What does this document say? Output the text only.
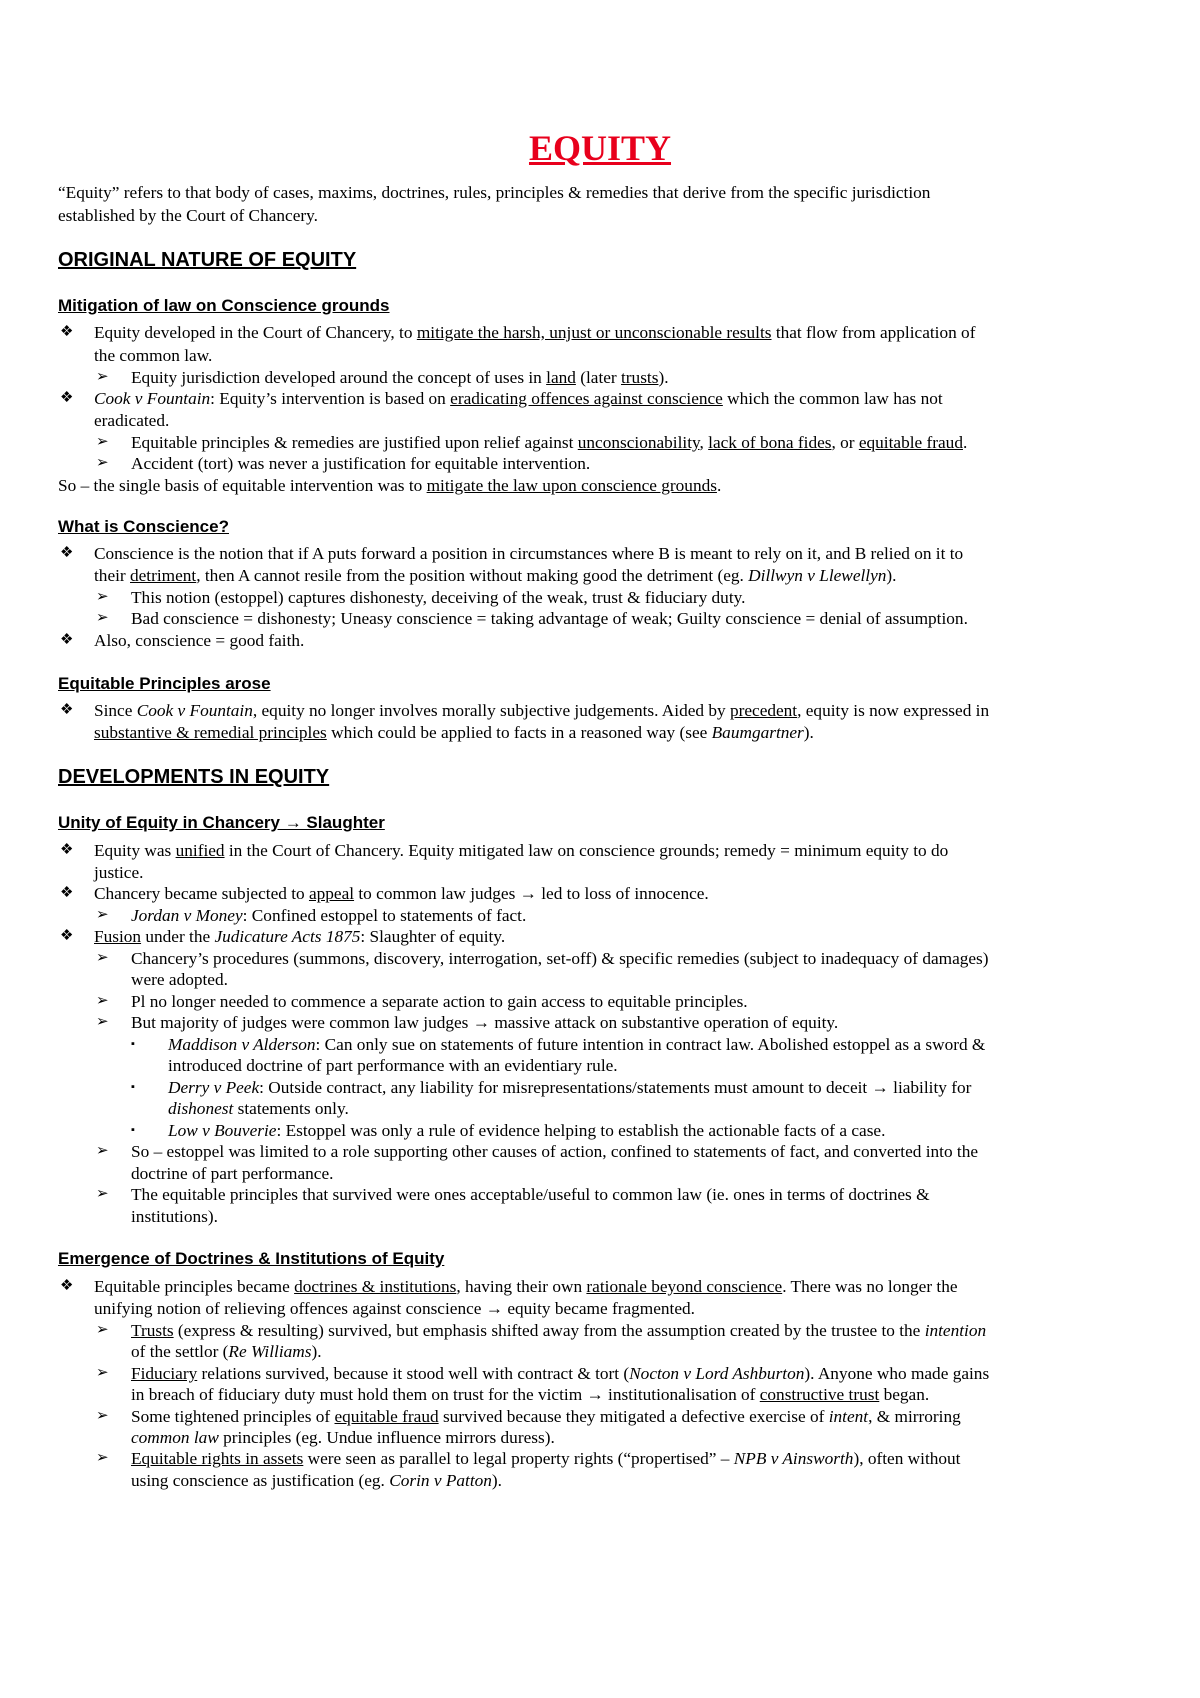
EQUITY

“Equity” refers to that body of cases, maxims, doctrines, rules, principles & remedies that derive from the specific jurisdiction

established by the Court of Chancery.

ORIGINAL NATURE OF EQUITY
Mitigation of law on Conscience grounds
❖ Equity developed in the Court of Chancery, to mitigate the harsh, unjust or unconscionable results that flow from application of

the common law.

➢ Equity jurisdiction developed around the concept of uses in land (later trusts).

❖ Cook v Fountain: Equity’s intervention is based on eradicating offences against conscience which the common law has not

eradicated.

➢ Equitable principles & remedies are justified upon relief against unconscionability, lack of bona fides, or equitable fraud.

➢ Accident (tort) was never a justification for equitable intervention.

So – the single basis of equitable intervention was to mitigate the law upon conscience grounds.

What is Conscience?
❖ Conscience is the notion that if A puts forward a position in circumstances where B is meant to rely on it, and B relied on it to

their detriment, then A cannot resile from the position without making good the detriment (eg. Dillwyn v Llewellyn).

➢ This notion (estoppel) captures dishonesty, deceiving of the weak, trust & fiduciary duty.

➢ Bad conscience = dishonesty; Uneasy conscience = taking advantage of weak; Guilty conscience = denial of assumption.

❖ Also, conscience = good faith.

Equitable Principles arose
❖ Since Cook v Fountain, equity no longer involves morally subjective judgements. Aided by precedent, equity is now expressed in

substantive & remedial principles which could be applied to facts in a reasoned way (see Baumgartner).

DEVELOPMENTS IN EQUITY
Unity of Equity in Chancery → Slaughter
❖ Equity was unified in the Court of Chancery. Equity mitigated law on conscience grounds; remedy = minimum equity to do

justice.

❖ Chancery became subjected to appeal to common law judges → led to loss of innocence.

➢ Jordan v Money: Confined estoppel to statements of fact.

❖ Fusion under the Judicature Acts 1875: Slaughter of equity.

➢ Chancery’s procedures (summons, discovery, interrogation, set-off) & specific remedies (subject to inadequacy of damages)

were adopted.

➢ Pl no longer needed to commence a separate action to gain access to equitable principles.

➢ But majority of judges were common law judges → massive attack on substantive operation of equity.

▪ Maddison v Alderson: Can only sue on statements of future intention in contract law. Abolished estoppel as a sword &

introduced doctrine of part performance with an evidentiary rule.

▪ Derry v Peek: Outside contract, any liability for misrepresentations/statements must amount to deceit → liability for

dishonest statements only.

▪ Low v Bouverie: Estoppel was only a rule of evidence helping to establish the actionable facts of a case.

➢ So – estoppel was limited to a role supporting other causes of action, confined to statements of fact, and converted into the

doctrine of part performance.

➢ The equitable principles that survived were ones acceptable/useful to common law (ie. ones in terms of doctrines &

institutions).

Emergence of Doctrines & Institutions of Equity
❖ Equitable principles became doctrines & institutions, having their own rationale beyond conscience. There was no longer the

unifying notion of relieving offences against conscience → equity became fragmented.

➢ Trusts (express & resulting) survived, but emphasis shifted away from the assumption created by the trustee to the intention

of the settlor (Re Williams).

➢ Fiduciary relations survived, because it stood well with contract & tort (Nocton v Lord Ashburton). Anyone who made gains

in breach of fiduciary duty must hold them on trust for the victim → institutionalisation of constructive trust began.

➢ Some tightened principles of equitable fraud survived because they mitigated a defective exercise of intent, & mirroring

common law principles (eg. Undue influence mirrors duress).

➢ Equitable rights in assets were seen as parallel to legal property rights (“propertised” – NPB v Ainsworth), often without

using conscience as justification (eg. Corin v Patton).
